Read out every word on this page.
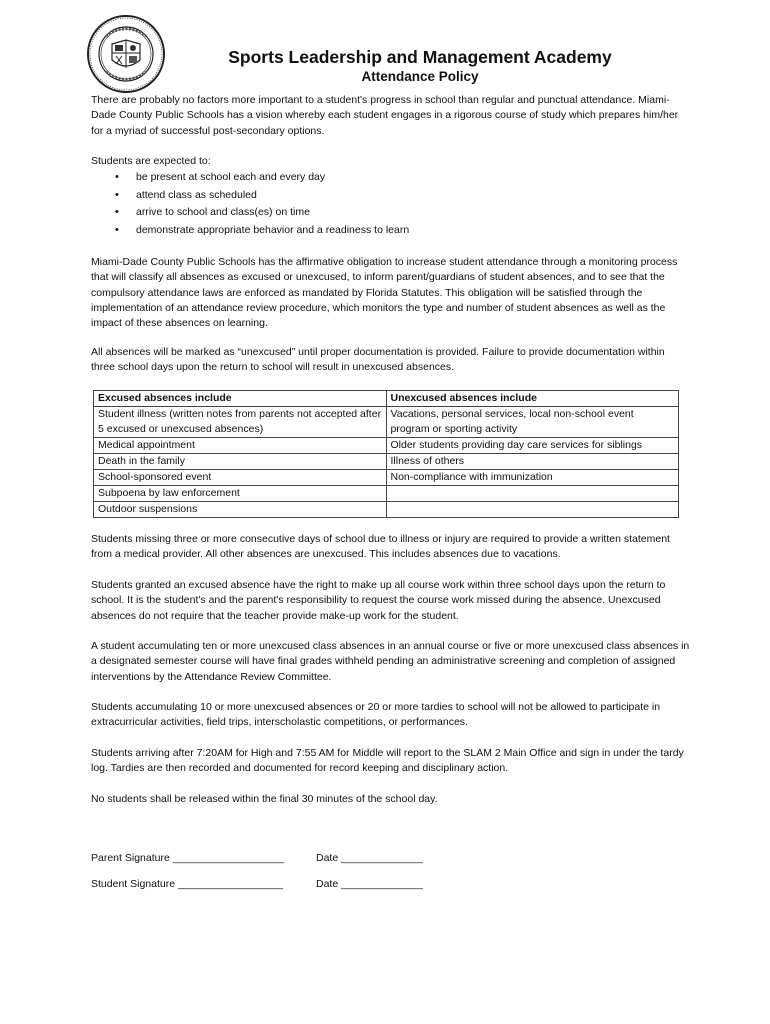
Sports Leadership and Management Academy
Attendance Policy

There are probably no factors more important to a student's progress in school than regular and punctual attendance. Miami-Dade County Public Schools has a vision whereby each student engages in a rigorous course of study which prepares him/her for a myriad of successful post-secondary options.

Students are expected to:

• be present at school each and every day
• attend class as scheduled
• arrive to school and class(es) on time
• demonstrate appropriate behavior and a readiness to learn

Miami-Dade County Public Schools has the affirmative obligation to increase student attendance through a monitoring process that will classify all absences as excused or unexcused, to inform parent/guardians of student absences, and to see that the compulsory attendance laws are enforced as mandated by Florida Statutes. This obligation will be satisfied through the implementation of an attendance review procedure, which monitors the type and number of student absences as well as the impact of these absences on learning.

All absences will be marked as “unexcused” until proper documentation is provided. Failure to provide documentation within three school days upon the return to school will result in unexcused absences.

Excused absences include	Unexcused absences include
Student illness (written notes from parents not accepted after 5 excused or unexcused absences)	Vacations, personal services, local non-school event program or sporting activity
Medical appointment	Older students providing day care services for siblings
Death in the family	Illness of others
School-sponsored event	Non-compliance with immunization
Subpoena by law enforcement	
Outdoor suspensions	

Students missing three or more consecutive days of school due to illness or injury are required to provide a written statement from a medical provider. All other absences are unexcused. This includes absences due to vacations.

Students granted an excused absence have the right to make up all course work within three school days upon the return to school. It is the student's and the parent's responsibility to request the course work missed during the absence. Unexcused absences do not require that the teacher provide make-up work for the student.

A student accumulating ten or more unexcused class absences in an annual course or five or more unexcused class absences in a designated semester course will have final grades withheld pending an administrative screening and completion of assigned interventions by the Attendance Review Committee.

Students accumulating 10 or more unexcused absences or 20 or more tardies to school will not be allowed to participate in extracurricular activities, field trips, interscholastic competitions, or performances.

Students arriving after 7:20AM for High and 7:55 AM for Middle will report to the SLAM 2 Main Office and sign in under the tardy log. Tardies are then recorded and documented for record keeping and disciplinary action.

No students shall be released within the final 30 minutes of the school day.

Parent Signature ___________________	Date ______________
Student Signature __________________	Date ______________
